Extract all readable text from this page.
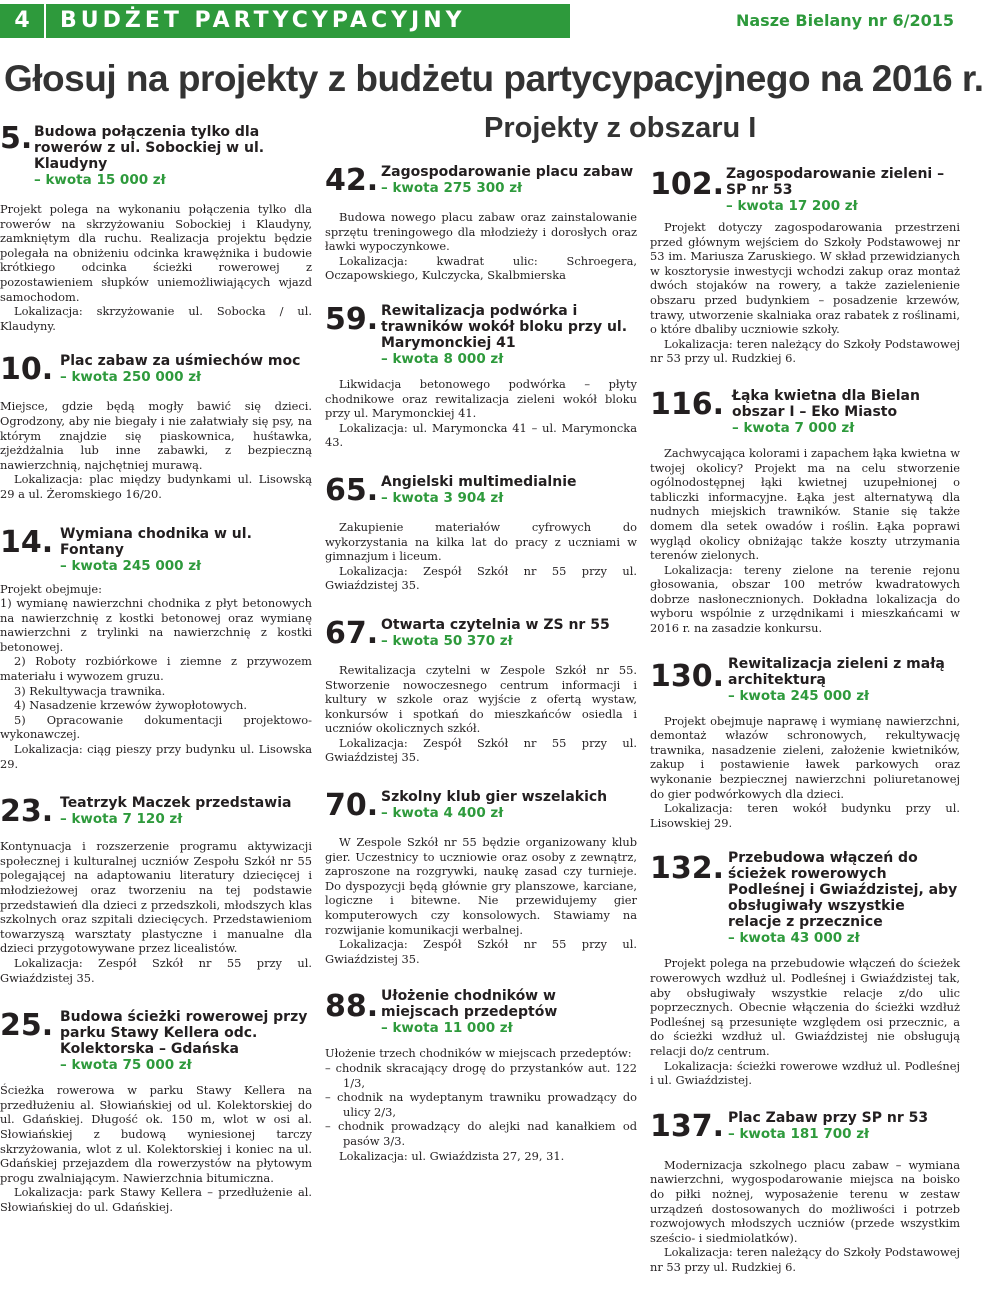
4	BUDŻET PARTYCYPACYJNY	Nasze Bielany nr 6/2015
Głosuj na projekty z budżetu partycypacyjnego na 2016 r.
Projekty z obszaru I
5. Budowa połączenia tylko dla rowerów z ul. Sobockiej w ul. Klaudyny
– kwota 15 000 zł

Projekt polega na wykonaniu połączenia tylko dla rowerów na skrzyżowaniu Sobockiej i Klaudyny, zamkniętym dla ruchu. Realizacja projektu będzie polegała na obniżeniu odcinka krawężnika i budowie krótkiego odcinka ścieżki rowerowej z pozostawieniem słupków uniemożliwiających wjazd samochodom.

Lokalizacja: skrzyżowanie ul. Sobocka / ul. Klaudyny.

10. Plac zabaw za uśmiechów moc
– kwota 250 000 zł

Miejsce, gdzie będą mogły bawić się dzieci. Ogrodzony, aby nie biegały i nie załatwiały się psy, na którym znajdzie się piaskownica, huśtawka, zjeżdżalnia lub inne zabawki, z bezpieczną nawierzchnią, najchętniej murawą.

Lokalizacja: plac między budynkami ul. Lisowską 29 a ul. Żeromskiego 16/20.

14. Wymiana chodnika w ul. Fontany
– kwota 245 000 zł

Projekt obejmuje:

1) wymianę nawierzchni chodnika z płyt betonowych na nawierzchnię z kostki betonowej oraz wymianę nawierzchni z trylinki na nawierzchnię z kostki betonowej.

2) Roboty rozbiórkowe i ziemne z przywozem materiału i wywozem gruzu.

3) Rekultywacja trawnika.

4) Nasadzenie krzewów żywopłotowych.

5) Opracowanie dokumentacji projektowo-wykonawczej.

Lokalizacja: ciąg pieszy przy budynku ul. Lisowska 29.

23. Teatrzyk Maczek przedstawia
– kwota 7 120 zł

Kontynuacja i rozszerzenie programu aktywizacji społecznej i kulturalnej uczniów Zespołu Szkół nr 55 polegającej na adaptowaniu literatury dziecięcej i młodzieżowej oraz tworzeniu na tej podstawie przedstawień dla dzieci z przedszkoli, młodszych klas szkolnych oraz szpitali dziecięcych. Przedstawieniom towarzyszą warsztaty plastyczne i manualne dla dzieci przygotowywane przez licealistów.

Lokalizacja: Zespół Szkół nr 55 przy ul. Gwiaździstej 35.

25. Budowa ścieżki rowerowej przy parku Stawy Kellera odc. Kolektorska – Gdańska
– kwota 75 000 zł

Ścieżka rowerowa w parku Stawy Kellera na przedłużeniu al. Słowiańskiej od ul. Kolektorskiej do ul. Gdańskiej. Długość ok. 150 m, wlot w osi al. Słowiańskiej z budową wyniesionej tarczy skrzyżowania, wlot z ul. Kolektorskiej i koniec na ul. Gdańskiej przejazdem dla rowerzystów na płytowym progu zwalniającym. Nawierzchnia bitumiczna.

Lokalizacja: park Stawy Kellera – przedłużenie al. Słowiańskiej do ul. Gdańskiej.

42. Zagospodarowanie placu zabaw
– kwota 275 300 zł

Budowa nowego placu zabaw oraz zainstalowanie sprzętu treningowego dla młodzieży i dorosłych oraz ławki wypoczynkowe.

Lokalizacja: kwadrat ulic: Schroegera, Oczapowskiego, Kulczycka, Skalbmierska

59. Rewitalizacja podwórka i trawników wokół bloku przy ul. Marymonckiej 41
– kwota 8 000 zł

Likwidacja betonowego podwórka – płyty chodnikowe oraz rewitalizacja zieleni wokół bloku przy ul. Marymonckiej 41.

Lokalizacja: ul. Marymoncka 41 – ul. Marymoncka 43.

65. Angielski multimedialnie
– kwota 3 904 zł

Zakupienie materiałów cyfrowych do wykorzystania na kilka lat do pracy z uczniami w gimnazjum i liceum.

Lokalizacja: Zespół Szkół nr 55 przy ul. Gwiaździstej 35.

67. Otwarta czytelnia w ZS nr 55
– kwota 50 370 zł

Rewitalizacja czytelni w Zespole Szkół nr 55. Stworzenie nowoczesnego centrum informacji i kultury w szkole oraz wyjście z ofertą wystaw, konkursów i spotkań do mieszkańców osiedla i uczniów okolicznych szkół.

Lokalizacja: Zespół Szkół nr 55 przy ul. Gwiaździstej 35.

70. Szkolny klub gier wszelakich
– kwota 4 400 zł

W Zespole Szkół nr 55 będzie organizowany klub gier. Uczestnicy to uczniowie oraz osoby z zewnątrz, zaproszone na rozgrywki, naukę zasad czy turnieje. Do dyspozycji będą głównie gry planszowe, karciane, logiczne i bitewne. Nie przewidujemy gier komputerowych czy konsolowych. Stawiamy na rozwijanie komunikacji werbalnej.

Lokalizacja: Zespół Szkół nr 55 przy ul. Gwiaździstej 35.

88. Ułożenie chodników w miejscach przedeptów
– kwota 11 000 zł

Ułożenie trzech chodników w miejscach przedeptów:

– chodnik skracający drogę do przystanków aut. 122 1/3,
– chodnik na wydeptanym trawniku prowadzący do ulicy 2/3,
– chodnik prowadzący do alejki nad kanałkiem od pasów 3/3.

Lokalizacja: ul. Gwiaździsta 27, 29, 31.

102. Zagospodarowanie zieleni – SP nr 53
– kwota 17 200 zł

Projekt dotyczy zagospodarowania przestrzeni przed głównym wejściem do Szkoły Podstawowej nr 53 im. Mariusza Zaruskiego. W skład przewidzianych w kosztorysie inwestycji wchodzi zakup oraz montaż dwóch stojaków na rowery, a także zazielenienie obszaru przed budynkiem – posadzenie krzewów, trawy, utworzenie skalniaka oraz rabatek z roślinami, o które dbaliby uczniowie szkoły.

Lokalizacja: teren należący do Szkoły Podstawowej nr 53 przy ul. Rudzkiej 6.

116. Łąka kwietna dla Bielan obszar I – Eko Miasto
– kwota 7 000 zł

Zachwycająca kolorami i zapachem łąka kwietna w twojej okolicy? Projekt ma na celu stworzenie ogólnodostępnej łąki kwietnej uzupełnionej o tabliczki informacyjne. Łąka jest alternatywą dla nudnych miejskich trawników. Stanie się także domem dla setek owadów i roślin. Łąka poprawi wygląd okolicy obniżając także koszty utrzymania terenów zielonych.

Lokalizacja: tereny zielone na terenie rejonu głosowania, obszar 100 metrów kwadratowych dobrze nasłonecznionych. Dokładna lokalizacja do wyboru wspólnie z urzędnikami i mieszkańcami w 2016 r. na zasadzie konkursu.

130. Rewitalizacja zieleni z małą architekturą
– kwota 245 000 zł

Projekt obejmuje naprawę i wymianę nawierzchni, demontaż włazów schronowych, rekultywację trawnika, nasadzenie zieleni, założenie kwietników, zakup i postawienie ławek parkowych oraz wykonanie bezpiecznej nawierzchni poliuretanowej do gier podwórkowych dla dzieci.

Lokalizacja: teren wokół budynku przy ul. Lisowskiej 29.

132. Przebudowa włączeń do ścieżek rowerowych Podleśnej i Gwiaździstej, aby obsługiwały wszystkie relacje z przecznice
– kwota 43 000 zł

Projekt polega na przebudowie włączeń do ścieżek rowerowych wzdłuż ul. Podleśnej i Gwiaździstej tak, aby obsługiwały wszystkie relacje z/do ulic poprzecznych. Obecnie włączenia do ścieżki wzdłuż Podleśnej są przesunięte względem osi przecznic, a do ścieżki wzdłuż ul. Gwiaździstej nie obsługują relacji do/z centrum.

Lokalizacja: ścieżki rowerowe wzdłuż ul. Podleśnej i ul. Gwiaździstej.

137. Plac Zabaw przy SP nr 53
– kwota 181 700 zł

Modernizacja szkolnego placu zabaw – wymiana nawierzchni, wygospodarowanie miejsca na boisko do piłki nożnej, wyposażenie terenu w zestaw urządzeń dostosowanych do możliwości i potrzeb rozwojowych młodszych uczniów (przede wszystkim sześcio- i siedmiolatków).

Lokalizacja: teren należący do Szkoły Podstawowej nr 53 przy ul. Rudzkiej 6.
